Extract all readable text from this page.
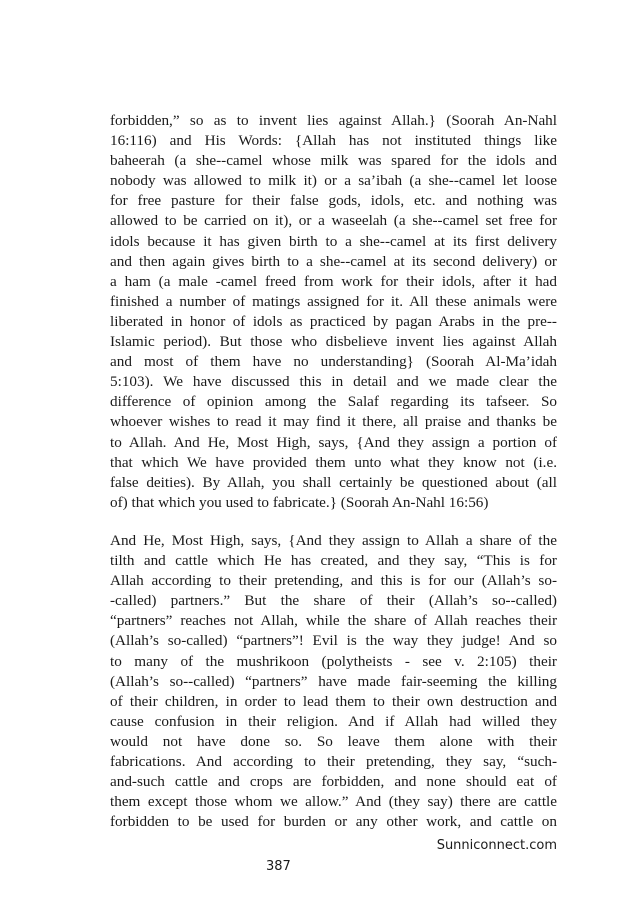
forbidden,” so as to invent lies against Allah.} (Soorah An-Nahl
16:116) and His Words: {Allah has not instituted things like
baheerah (a she--camel whose milk was spared for the idols and
nobody was allowed to milk it) or a sa’ibah (a she--camel let loose
for free pasture for their false gods, idols, etc. and nothing was
allowed to be carried on it), or a waseelah (a she--camel set free for
idols because it has given birth to a she--camel at its first delivery
and then again gives birth to a she--camel at its second delivery) or
a ham (a male -camel freed from work for their idols, after it had
finished a number of matings assigned for it. All these animals were
liberated in honor of idols as practiced by pagan Arabs in the pre--
Islamic period). But those who disbelieve invent lies against Allah
and most of them have no understanding} (Soorah Al-Ma’idah
5:103). We have discussed this in detail and we made clear the
difference of opinion among the Salaf regarding its tafseer. So
whoever wishes to read it may find it there, all praise and thanks be
to Allah. And He, Most High, says, {And they assign a portion of
that which We have provided them unto what they know not (i.e.
false deities). By Allah, you shall certainly be questioned about (all
of) that which you used to fabricate.} (Soorah An-Nahl 16:56)
And He, Most High, says, {And they assign to Allah a share of the
tilth and cattle which He has created, and they say, “This is for
Allah according to their pretending, and this is for our (Allah’s so-
-called) partners.” But the share of their (Allah’s so--called)
“partners” reaches not Allah, while the share of Allah reaches their
(Allah’s so-called) “partners”! Evil is the way they judge! And so
to many of the mushrikoon (polytheists - see v. 2:105) their
(Allah’s so--called) “partners” have made fair-seeming the killing
of their children, in order to lead them to their own destruction and
cause confusion in their religion. And if Allah had willed they
would not have done so. So leave them alone with their
fabrications. And according to their pretending, they say, “such-
and-such cattle and crops are forbidden, and none should eat of
them except those whom we allow.” And (they say) there are cattle
forbidden to be used for burden or any other work, and cattle on
Sunniconnect.com
387
